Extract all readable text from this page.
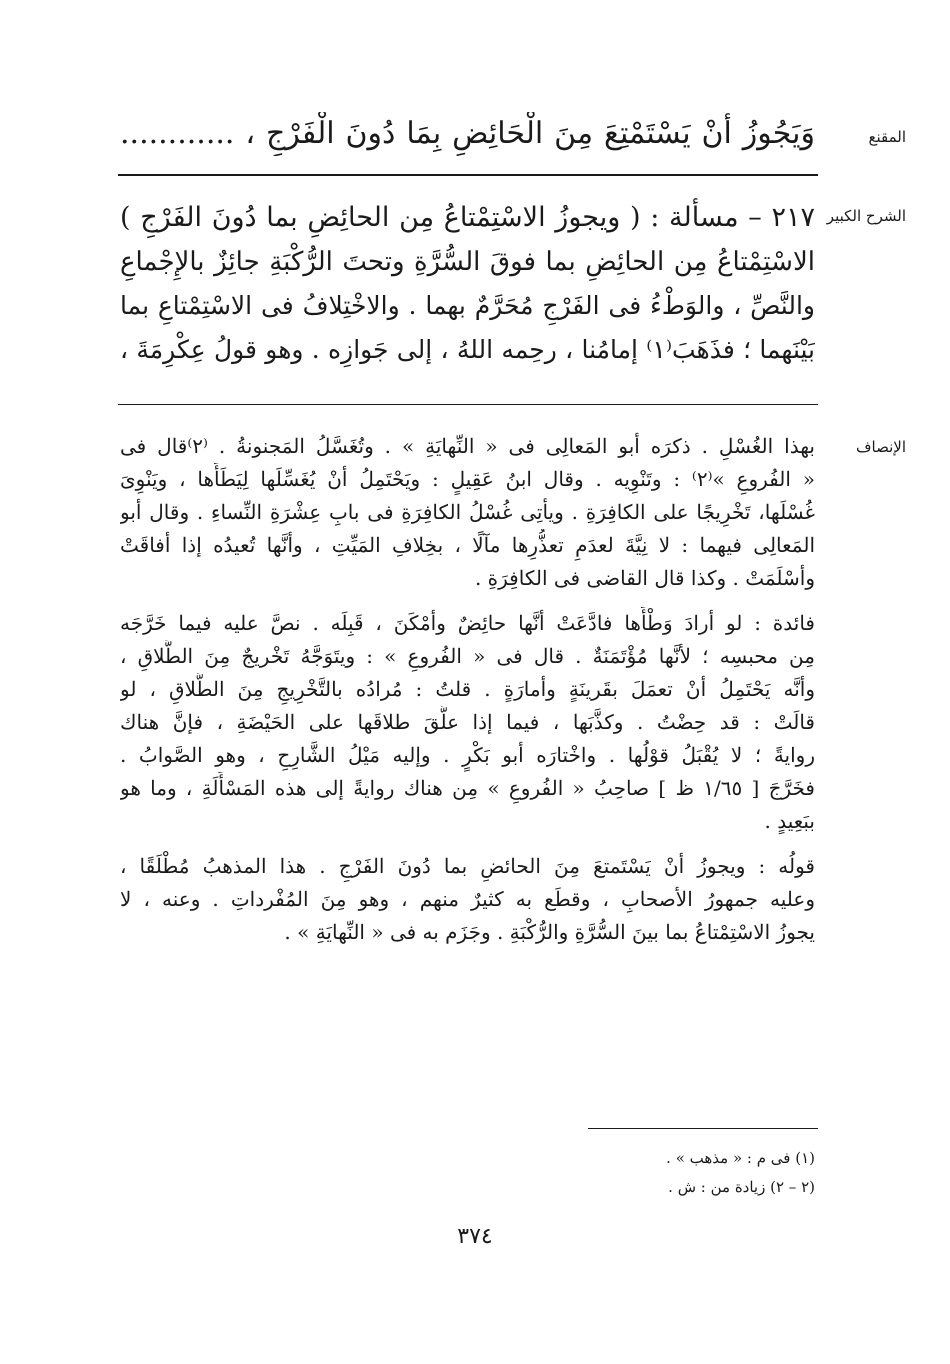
المقنع
وَيَجُوزُ أَنْ يَسْتَمْتِعَ مِنَ الْحَائِضِ بِمَا دُونَ الْفَرْجِ ، ............
الشرح الكبير
٢١٧ – مسألة : ( ويجوزُ الاسْتِمْتاعُ مِن الحائِضِ بما دُونَ الفَرْجِ )
الاسْتِمْتاعُ مِن الحائِضِ بما فوقَ السُّرَّةِ وتحتَ الرُّكْبَةِ جائِزٌ بالإِجْماعِ
والنَّصِّ ، والوَطْءُ فى الفَرْجِ مُحَرَّمٌ بهما . والاخْتِلافُ فى الاسْتِمْتاعِ بما
بَيْنَهما ؛ فذَهَبَ⁽١⁾ إمامُنا ، رحِمه اللهُ ، إلى جَوازِه . وهو قولُ عِكْرِمَةَ ،
الإنصاف
بهذا الغُسْلِ . ذكرَه أبو المَعالِى فى « النِّهايَةِ » . وتُغَسَّلُ المَجنونةُ . ⁽٢⁾قال فى
« الفُروعِ »⁽٢⁾ : وتَنْوِيه . وقال ابنُ عَقِيلٍ : ويَحْتَمِلُ أنْ يُغَسِّلَها لِيَطَأَها ، ويَنْوِىَ
غُسْلَها، تَخْرِيجًا على الكافِرَةِ . ويأتِى غُسْلُ الكافِرَةِ فى بابِ عِشْرَةِ النِّساءِ . وقال أبو
المَعالِى فيهما : لا نِيَّةَ لعدَمِ تعذُّرِها مآلًا ، بخِلافِ المَيِّتِ ، وأنَّها تُعيدُه إذا أفاقَتْ
وأسْلَمَتْ . وكذا قال القاضى فى الكافِرَةِ .
فائدة : لو أرادَ وَطْأَها فادَّعَتْ أنَّها حائِضٌ وأمْكَنَ ، قَبِلَه . نصَّ عليه فيما خَرَّجَه
مِن محبسِه ؛ لأنَّها مُؤْتَمَنَةٌ . قال فى « الفُروعِ » : ويتَوَجَّهُ تَخْريجٌ مِنَ الطَّلاقِ ،
وأنَّه يَحْتَمِلُ أنْ تعمَلَ بقَرينَةٍ وأمارَةٍ . قلتُ : مُرادُه بالتَّخْرِيجِ مِنَ الطَّلاقِ ، لو
قالَتْ : قد حِضْتُ . وكذَّبَها ، فيما إذا علَّقَ طلاقَها على الحَيْضَةِ ، فإنَّ هناك
روايةً ؛ لا يُقْبَلُ قوْلُها . واخْتارَه أبو بَكْرٍ . وإليه مَيْلُ الشَّارِحِ ، وهو الصَّوابُ .
فخَرَّجَ [ ١/٦٥ ظ ] صاحِبُ « الفُروعِ » مِن هناك روايةً إلى هذه المَسْأَلَةِ ، وما هو
ببَعِيدٍ .
قولُه : ويجوزُ أنْ يَسْتَمتعَ مِنَ الحائضِ بما دُونَ الفَرْجِ . هذا المذهبُ مُطْلَقًا ،
وعليه جمهورُ الأصحابِ ، وقطَع به كثيرٌ منهم ، وهو مِنَ المُفْرداتِ . وعنه ، لا
يجوزُ الاسْتِمْتاعُ بما بينَ السُّرَّةِ والرُّكْبَةِ . وجَزَم به فى « النِّهايَةِ » .
(١) فى م : « مذهب » .
(٢ – ٢) زيادة من : ش .
٣٧٤
